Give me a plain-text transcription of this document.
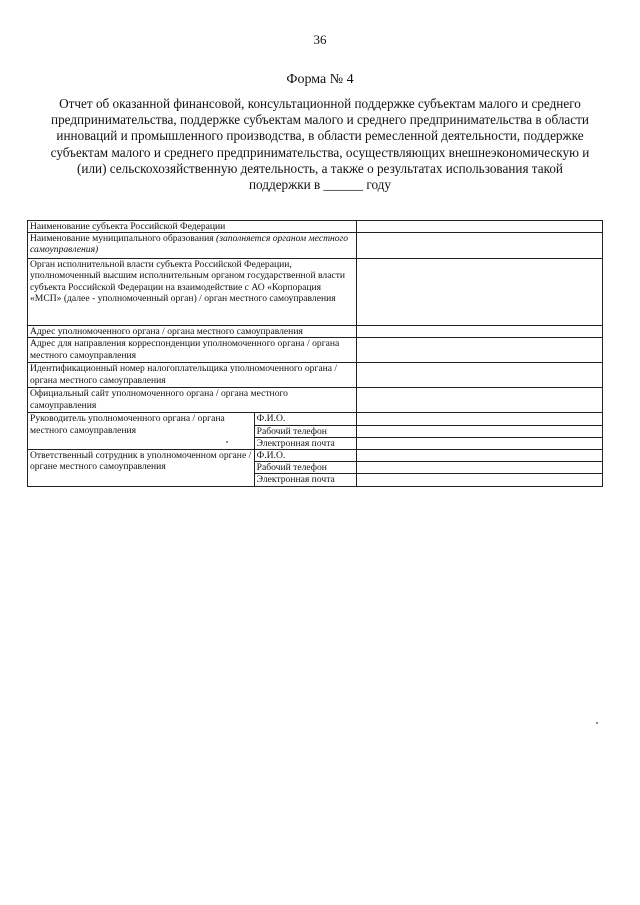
36
Форма № 4
Отчет об оказанной финансовой, консультационной поддержке субъектам малого и среднего предпринимательства, поддержке субъектам малого и среднего предпринимательства в области инноваций и промышленного производства, в области ремесленной деятельности, поддержке субъектам малого и среднего предпринимательства, осуществляющих внешнеэкономическую и (или) сельскохозяйственную деятельность, а также о результатах использования такой поддержки в ______ году
Наименование субъекта Российской Федерации		
Наименование муниципального образования (заполняется органом местного самоуправления)		
Орган исполнительной власти субъекта Российской Федерации, уполномоченный высшим исполнительным органом государственной власти субъекта Российской Федерации на взаимодействие с АО «Корпорация «МСП» (далее - уполномоченный орган) / орган местного самоуправления		
Адрес уполномоченного органа / органа местного самоуправления		
Адрес для направления корреспонденции уполномоченного органа / органа местного самоуправления		
Идентификационный номер налогоплательщика уполномоченного органа / органа местного самоуправления		
Официальный сайт уполномоченного органа / органа местного самоуправления		
Руководитель уполномоченного органа / органа местного самоуправления	Ф.И.О.	
	Рабочий телефон	
	Электронная почта	
Ответственный сотрудник в уполномоченном органе / органе местного самоуправления	Ф.И.О.	
	Рабочий телефон	
	Электронная почта	
